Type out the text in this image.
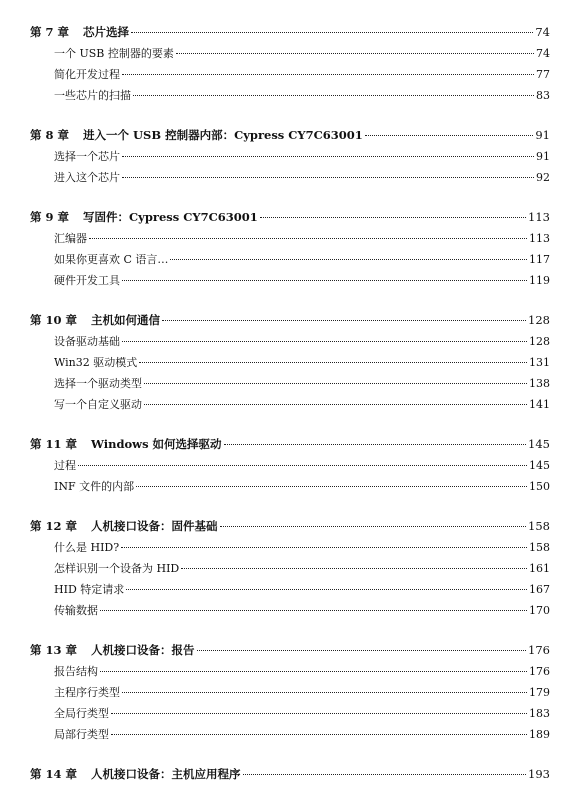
第 7 章 芯片选择	74
一个 USB 控制器的要素	74
简化开发过程	77
一些芯片的扫描	83
第 8 章 进入一个 USB 控制器内部：Cypress CY7C63001	91
选择一个芯片	91
进入这个芯片	92
第 9 章 写固件：Cypress CY7C63001	113
汇编器	113
如果你更喜欢 C 语言…	117
硬件开发工具	119
第 10 章 主机如何通信	128
设备驱动基础	128
Win32 驱动模式	131
选择一个驱动类型	138
写一个自定义驱动	141
第 11 章 Windows 如何选择驱动	145
过程	145
INF 文件的内部	150
第 12 章 人机接口设备：固件基础	158
什么是 HID?	158
怎样识别一个设备为 HID	161
HID 特定请求	167
传输数据	170
第 13 章 人机接口设备：报告	176
报告结构	176
主程序行类型	179
全局行类型	183
局部行类型	189
第 14 章 人机接口设备：主机应用程序	193
